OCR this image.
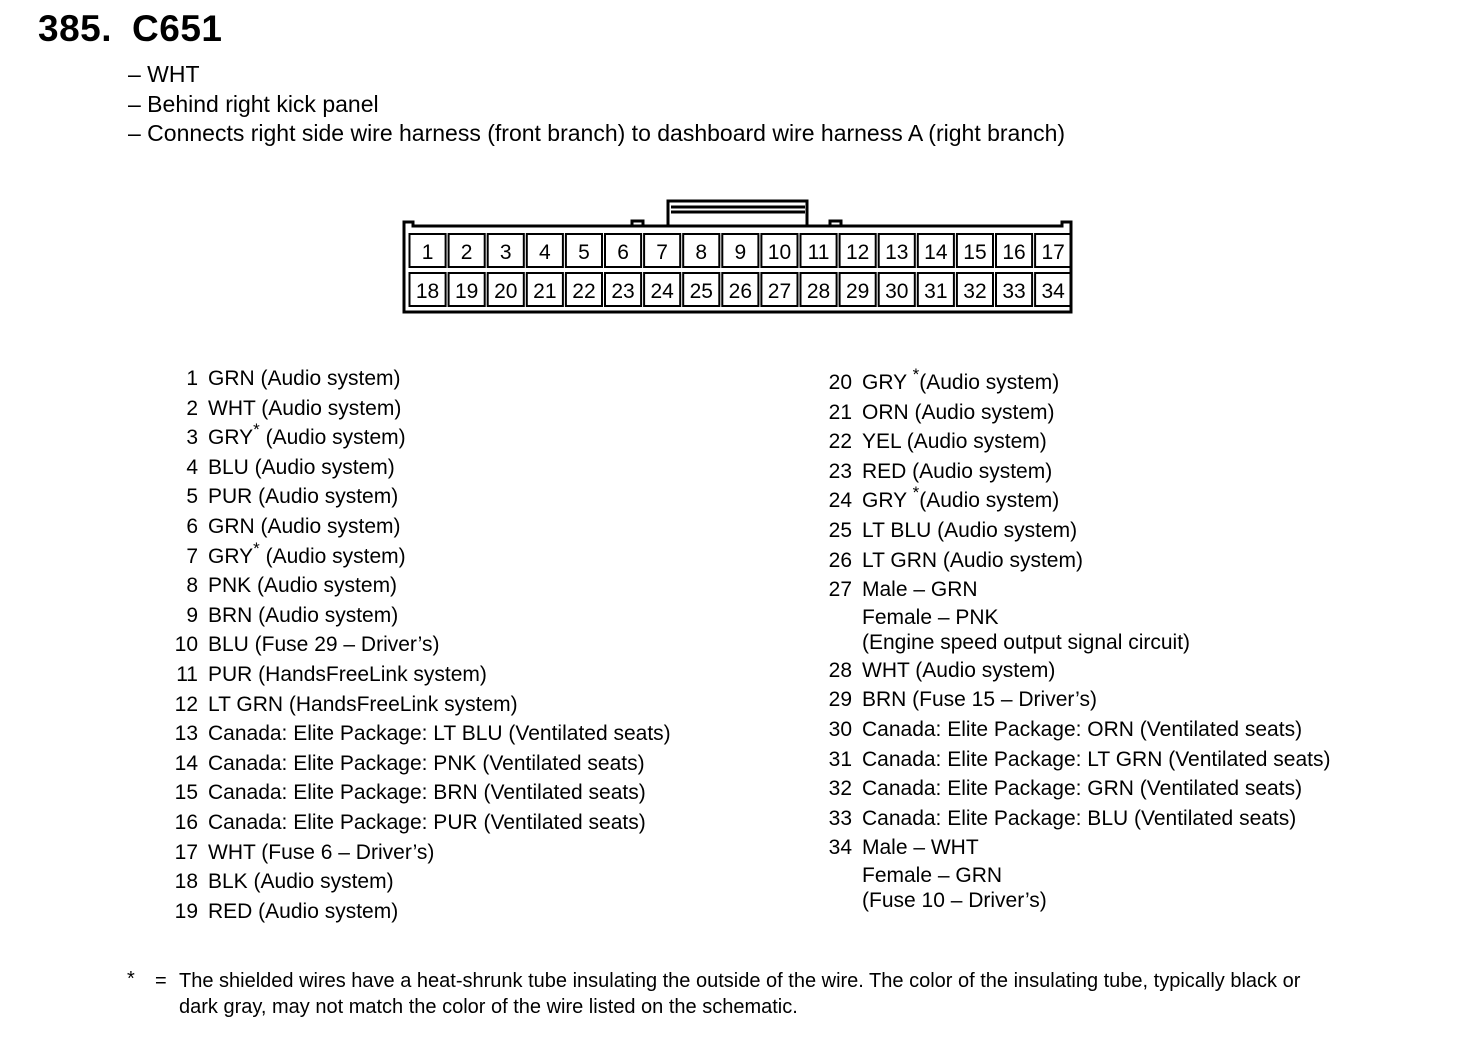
385. C651
– WHT
– Behind right kick panel
– Connects right side wire harness (front branch) to dashboard wire harness A (right branch)
1 2 3 4 5 6 7 8 9 10 11 12 13 14 15 16 17
18 19 20 21 22 23 24 25 26 27 28 29 30 31 32 33 34
1 GRN (Audio system)
2 WHT (Audio system)
3 GRY* (Audio system)
4 BLU (Audio system)
5 PUR (Audio system)
6 GRN (Audio system)
7 GRY* (Audio system)
8 PNK (Audio system)
9 BRN (Audio system)
10 BLU (Fuse 29 – Driver’s)
11 PUR (HandsFreeLink system)
12 LT GRN (HandsFreeLink system)
13 Canada: Elite Package: LT BLU (Ventilated seats)
14 Canada: Elite Package: PNK (Ventilated seats)
15 Canada: Elite Package: BRN (Ventilated seats)
16 Canada: Elite Package: PUR (Ventilated seats)
17 WHT (Fuse 6 – Driver’s)
18 BLK (Audio system)
19 RED (Audio system)
20 GRY *(Audio system)
21 ORN (Audio system)
22 YEL (Audio system)
23 RED (Audio system)
24 GRY *(Audio system)
25 LT BLU (Audio system)
26 LT GRN (Audio system)
27 Male – GRN
Female – PNK
(Engine speed output signal circuit)
28 WHT (Audio system)
29 BRN (Fuse 15 – Driver’s)
30 Canada: Elite Package: ORN (Ventilated seats)
31 Canada: Elite Package: LT GRN (Ventilated seats)
32 Canada: Elite Package: GRN (Ventilated seats)
33 Canada: Elite Package: BLU (Ventilated seats)
34 Male – WHT
Female – GRN
(Fuse 10 – Driver’s)
* = The shielded wires have a heat-shrunk tube insulating the outside of the wire. The color of the insulating tube, typically black or
dark gray, may not match the color of the wire listed on the schematic.
